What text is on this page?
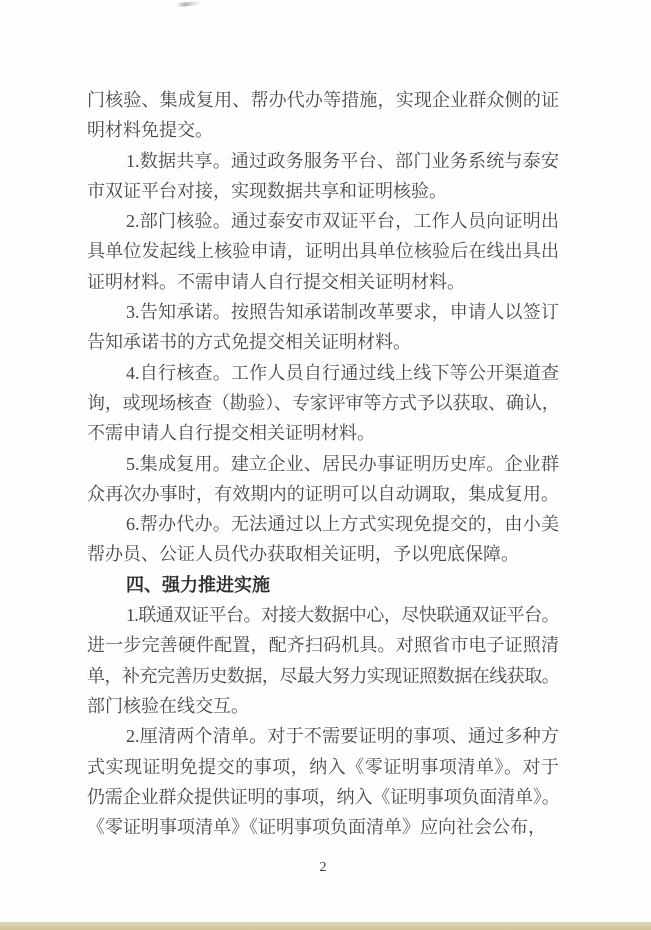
门核验、集成复用、帮办代办等措施，实现企业群众侧的证
明材料免提交。
1.数据共享。通过政务服务平台、部门业务系统与泰安
市双证平台对接，实现数据共享和证明核验。
2.部门核验。通过泰安市双证平台，工作人员向证明出
具单位发起线上核验申请，证明出具单位核验后在线出具出
证明材料。不需申请人自行提交相关证明材料。
3.告知承诺。按照告知承诺制改革要求，申请人以签订
告知承诺书的方式免提交相关证明材料。
4.自行核查。工作人员自行通过线上线下等公开渠道查
询，或现场核查（勘验）、专家评审等方式予以获取、确认，
不需申请人自行提交相关证明材料。
5.集成复用。建立企业、居民办事证明历史库。企业群
众再次办事时，有效期内的证明可以自动调取，集成复用。
6.帮办代办。无法通过以上方式实现免提交的，由小美
帮办员、公证人员代办获取相关证明，予以兜底保障。
四、强力推进实施
1.联通双证平台。对接大数据中心，尽快联通双证平台。
进一步完善硬件配置，配齐扫码机具。对照省市电子证照清
单，补充完善历史数据，尽最大努力实现证照数据在线获取。
部门核验在线交互。
2.厘清两个清单。对于不需要证明的事项、通过多种方
式实现证明免提交的事项，纳入《零证明事项清单》。对于
仍需企业群众提供证明的事项，纳入《证明事项负面清单》。
《零证明事项清单》《证明事项负面清单》应向社会公布，
2
